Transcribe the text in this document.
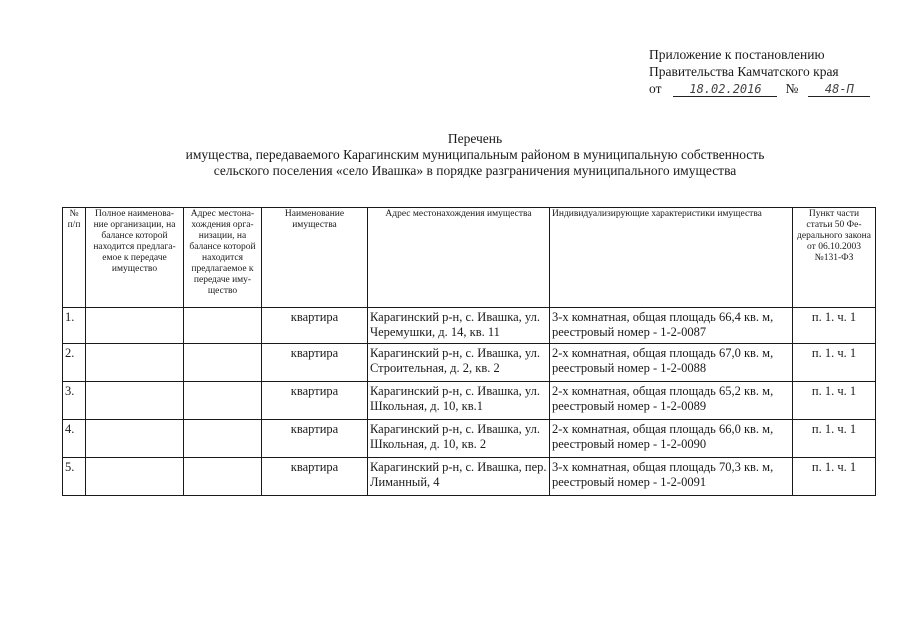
Приложение к постановлению
Правительства Камчатского края
от	18.02.2016	№	48-П
Перечень
имущества, передаваемого Карагинским муниципальным районом в муниципальную собственность
сельского поселения «село Ивашка» в порядке разграничения муниципального имущества
№ п/п	Полное наименова-ние организации, на балансе которой находится предлага-емое к передаче имущество	Адрес местона-хождения орга-низации, на балансе которой находится предлагаемое к передаче иму-щество	Наименование имущества	Адрес местонахождения имущества	Индивидуализирующие характеристики имущества	Пункт части статьи 50 Фе-дерального закона от 06.10.2003 №131-ФЗ
1.			квартира	Карагинский р-н, с. Ивашка, ул. Черемушки, д. 14, кв. 11	3-х комнатная, общая площадь 66,4 кв. м, реестровый номер - 1-2-0087	п. 1. ч. 1
2.			квартира	Карагинский р-н, с. Ивашка, ул. Строительная, д. 2, кв. 2	2-х комнатная, общая площадь 67,0 кв. м, реестровый номер - 1-2-0088	п. 1. ч. 1
3.			квартира	Карагинский р-н, с. Ивашка, ул. Школьная, д. 10, кв.1	2-х комнатная, общая площадь 65,2 кв. м, реестровый номер - 1-2-0089	п. 1. ч. 1
4.			квартира	Карагинский р-н, с. Ивашка, ул. Школьная, д. 10, кв. 2	2-х комнатная, общая площадь 66,0 кв. м, реестровый номер - 1-2-0090	п. 1. ч. 1
5.			квартира	Карагинский р-н, с. Ивашка, пер. Лиманный, 4	3-х комнатная, общая площадь 70,3 кв. м, реестровый номер - 1-2-0091	п. 1. ч. 1
